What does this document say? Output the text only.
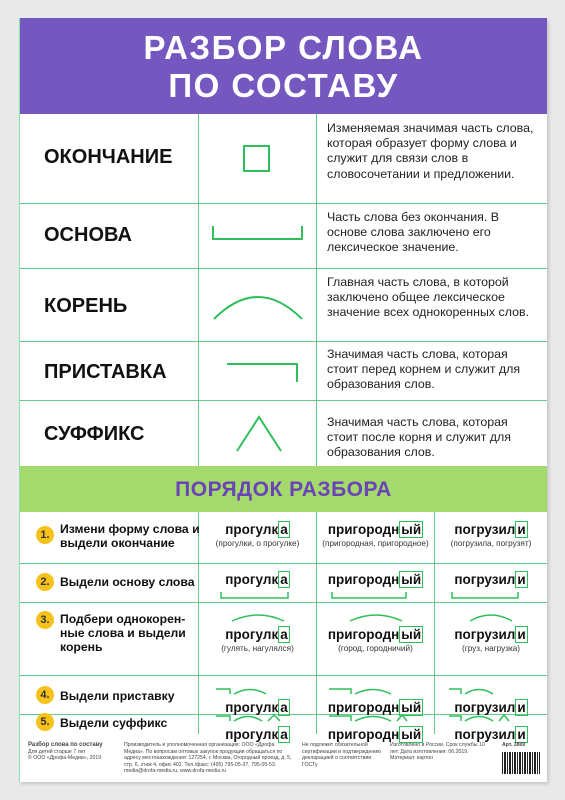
РАЗБОР СЛОВА
ПО СОСТАВУ
ОКОНЧАНИЕ
Изменяемая значимая часть слова, которая образует форму слова и служит для связи слов в словосочетании и предложении.
ОСНОВА
Часть слова без окончания. В основе слова заключено его лексическое значение.
КОРЕНЬ
Главная часть слова, в которой заключено общее лексическое значение всех однокоренных слов.
ПРИСТАВКА
Значимая часть слова, которая стоит перед корнем и служит для образования слов.
СУФФИКС
Значимая часть слова, которая стоит после корня и служит для образования слов.
ПОРЯДОК РАЗБОРА
1. Измени форму слова и выдели окончание
прогулк а
(прогулки, о прогулке)
пригородн ый
(пригородная, пригородное)
погрузил и
(погрузила, погрузят)
2. Выдели основу слова	прогулк а	пригородн ый	погрузил и
3. Подбери однокорен-ные слова и выдели корень
прогулк а
(гулять, нагулялся)
пригородн ый
(город, городничий)
погрузил и
(груз, нагрузка)
4. Выдели приставку
прогулк а	пригородн ый	погрузил и
5. Выдели суффикс
прогулк а	пригородн ый	погрузил и
Разбор слова по составу
Для детей старше 7 лет
© ООО «Дрофа-Медиа», 2019
Производитель и уполномоченная организация: ООО «Дрофа Медиа». По вопросам оптовых закупок продукции обращаться по адресу местонахождения: 127254, г. Москва, Огородный проезд, д. 5, стр. 6, этаж 4, офис 402. Тел./факс: (495) 795-05-37, 795-05-53. media@drofa-media.ru, www.drofa-media.ru
Не подлежит обязательной сертификации и подтверждению декларацией о соответствии ГОСТу
Изготовлено в России. Срок службы 10 лет. Дата изготовления: 06.2019. Материал: картон
Арт. 3800
